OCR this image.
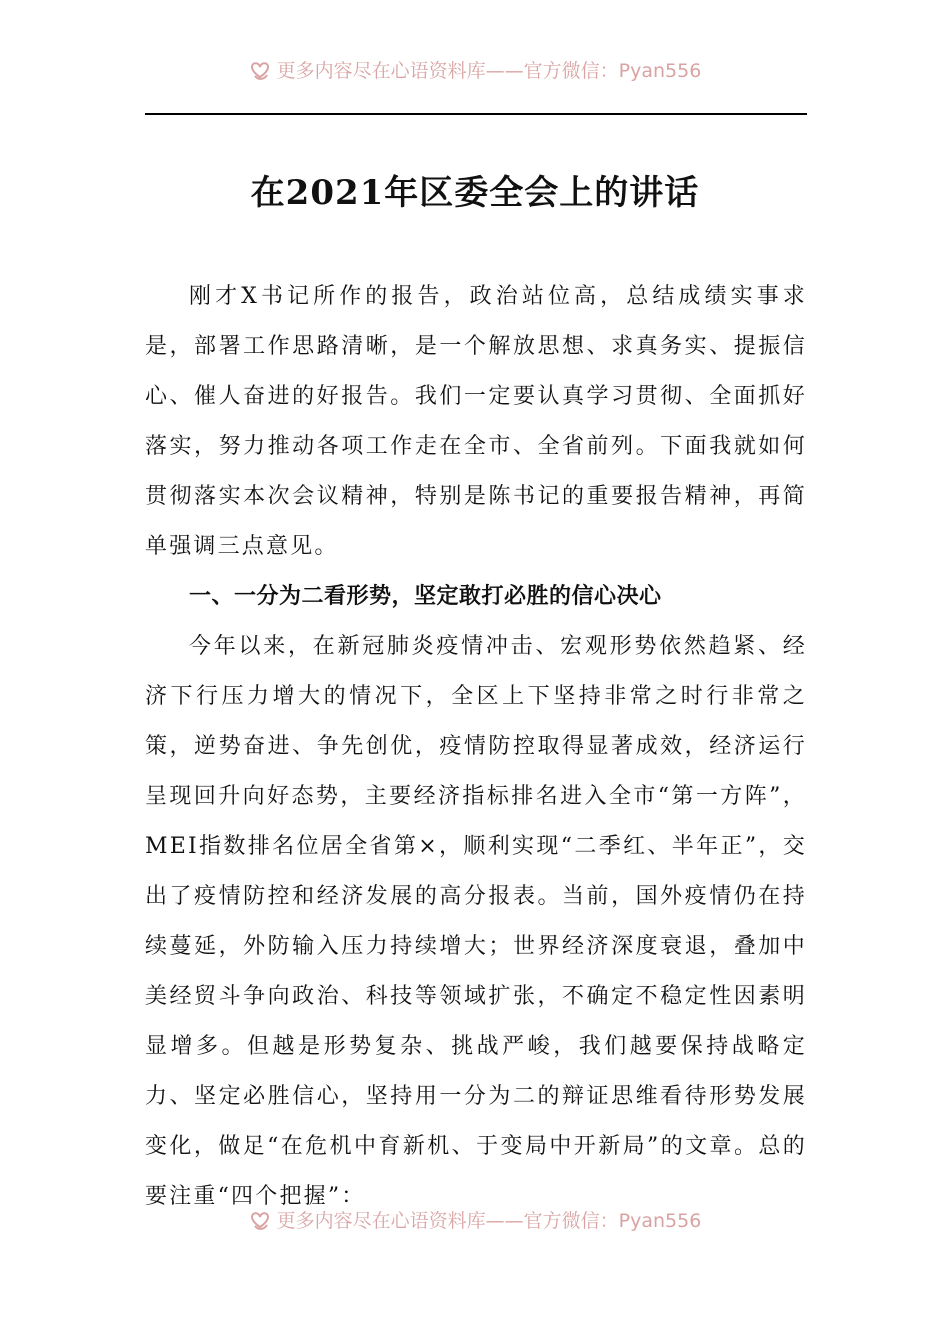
更多内容尽在心语资料库——官方微信：Pyan556
在2021年区委全会上的讲话

刚才X书记所作的报告，政治站位高，总结成绩实事求是，部署工作思路清晰，是一个解放思想、求真务实、提振信心、催人奋进的好报告。我们一定要认真学习贯彻、全面抓好落实，努力推动各项工作走在全市、全省前列。下面我就如何贯彻落实本次会议精神，特别是陈书记的重要报告精神，再简单强调三点意见。

一、一分为二看形势，坚定敢打必胜的信心决心

今年以来，在新冠肺炎疫情冲击、宏观形势依然趋紧、经济下行压力增大的情况下，全区上下坚持非常之时行非常之策，逆势奋进、争先创优，疫情防控取得显著成效，经济运行呈现回升向好态势，主要经济指标排名进入全市“第一方阵”，MEI指数排名位居全省第×，顺利实现“二季红、半年正”，交出了疫情防控和经济发展的高分报表。当前，国外疫情仍在持续蔓延，外防输入压力持续增大；世界经济深度衰退，叠加中美经贸斗争向政治、科技等领域扩张，不确定不稳定性因素明显增多。但越是形势复杂、挑战严峻，我们越要保持战略定力、坚定必胜信心，坚持用一分为二的辩证思维看待形势发展变化，做足“在危机中育新机、于变局中开新局”的文章。总的要注重“四个把握”：

更多内容尽在心语资料库——官方微信：Pyan556
